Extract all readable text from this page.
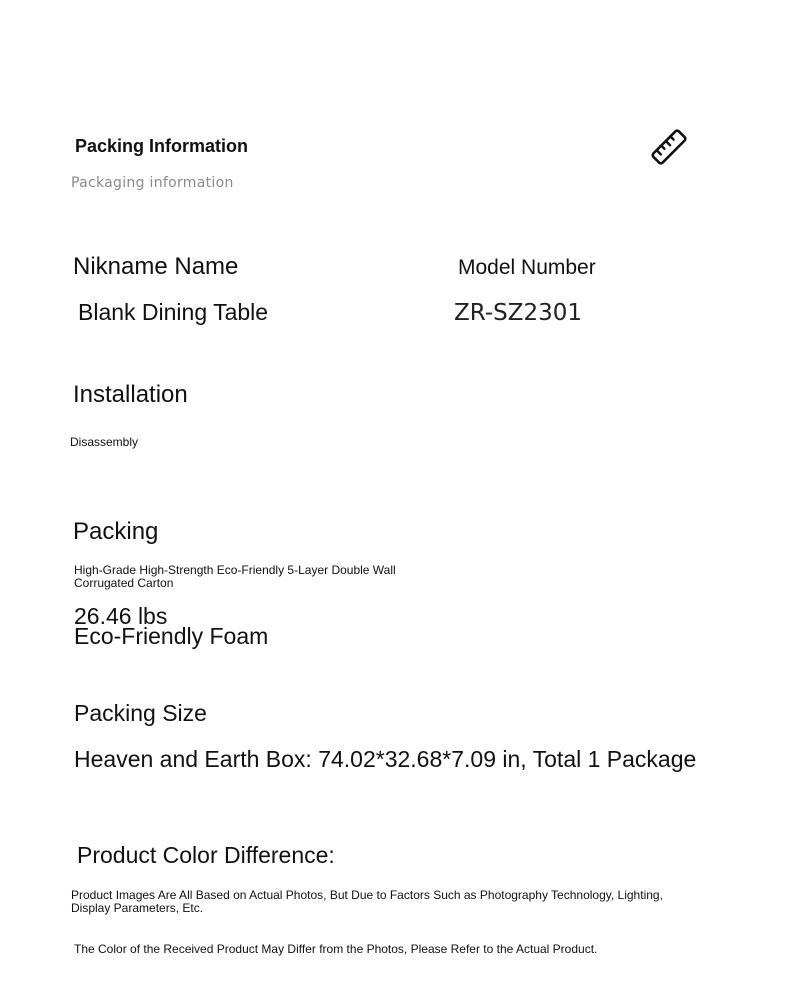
Packing Information
Packaging information
Nikname Name	Model Number
Blank Dining Table	ZR-SZ2301
Installation
Disassembly
Packing
High-Grade High-Strength Eco-Friendly 5-Layer Double Wall
Corrugated Carton
26.46 lbs
Eco-Friendly Foam
Packing Size
Heaven and Earth Box: 74.02*32.68*7.09 in, Total 1 Package
Product Color Difference:
Product Images Are All Based on Actual Photos, But Due to Factors Such as Photography Technology, Lighting,
Display Parameters, Etc.
The Color of the Received Product May Differ from the Photos, Please Refer to the Actual Product.
